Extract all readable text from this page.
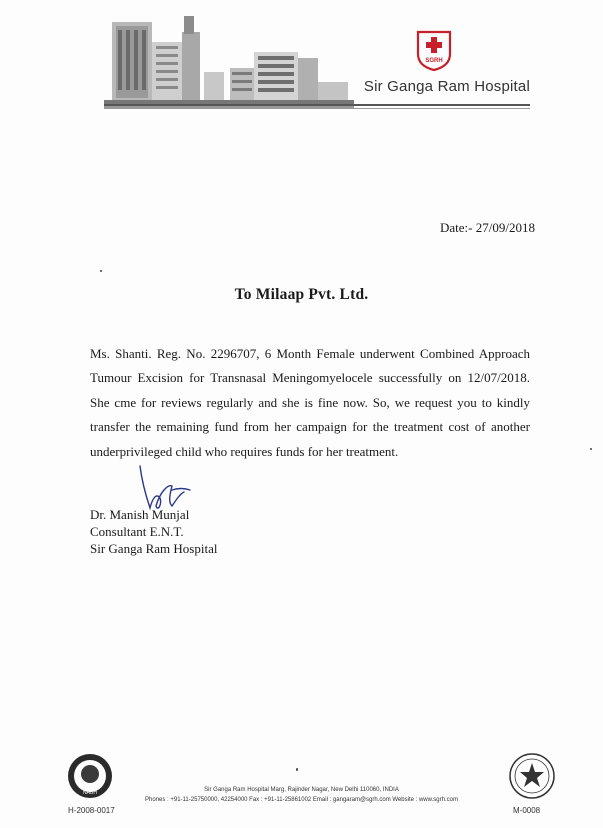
SGRH
Sir Ganga Ram Hospital
Date:- 27/09/2018
To Milaap Pvt. Ltd.

Ms. Shanti. Reg. No. 2296707, 6 Month Female underwent Combined Approach

Tumour Excision for Transnasal Meningomyelocele successfully on 12/07/2018.

She cme for reviews regularly and she is fine now. So, we request you to kindly

transfer the remaining fund from her campaign for the treatment cost of another

underprivileged child who requires funds for her treatment.

Dr. Manish Munjal
Consultant E.N.T.
Sir Ganga Ram Hospital
NABH
H-2008-0017
Sir Ganga Ram Hospital Marg, Rajinder Nagar, New Delhi 110060, INDIA
Phones : +91-11-25750000, 42254000 Fax : +91-11-25861002 Email : gangaram@sgrh.com Website : www.sgrh.com
M-0008
